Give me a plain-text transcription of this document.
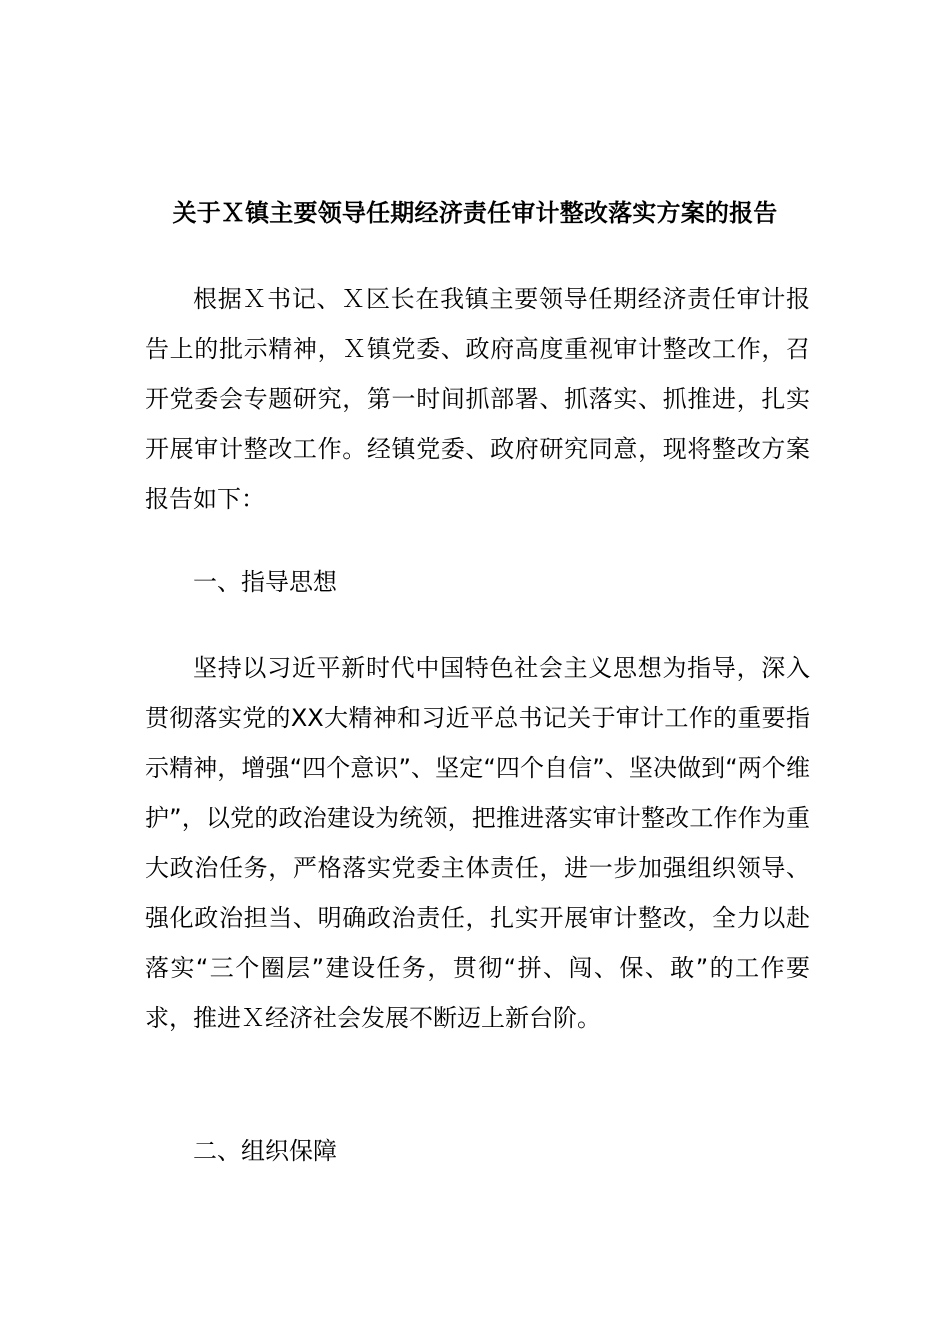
关于Ｘ镇主要领导任期经济责任审计整改落实方案的报告

根据Ｘ书记、Ｘ区长在我镇主要领导任期经济责任审计报告上的批示精神，Ｘ镇党委、政府高度重视审计整改工作，召开党委会专题研究，第一时间抓部署、抓落实、抓推进，扎实开展审计整改工作。经镇党委、政府研究同意，现将整改方案报告如下：

一、指导思想

坚持以习近平新时代中国特色社会主义思想为指导，深入贯彻落实党的XX大精神和习近平总书记关于审计工作的重要指示精神，增强“四个意识”、坚定“四个自信”、坚决做到“两个维护”，以党的政治建设为统领，把推进落实审计整改工作作为重大政治任务，严格落实党委主体责任，进一步加强组织领导、强化政治担当、明确政治责任，扎实开展审计整改，全力以赴落实“三个圈层”建设任务，贯彻“拼、闯、保、敢”的工作要求，推进Ｘ经济社会发展不断迈上新台阶。

二、组织保障
